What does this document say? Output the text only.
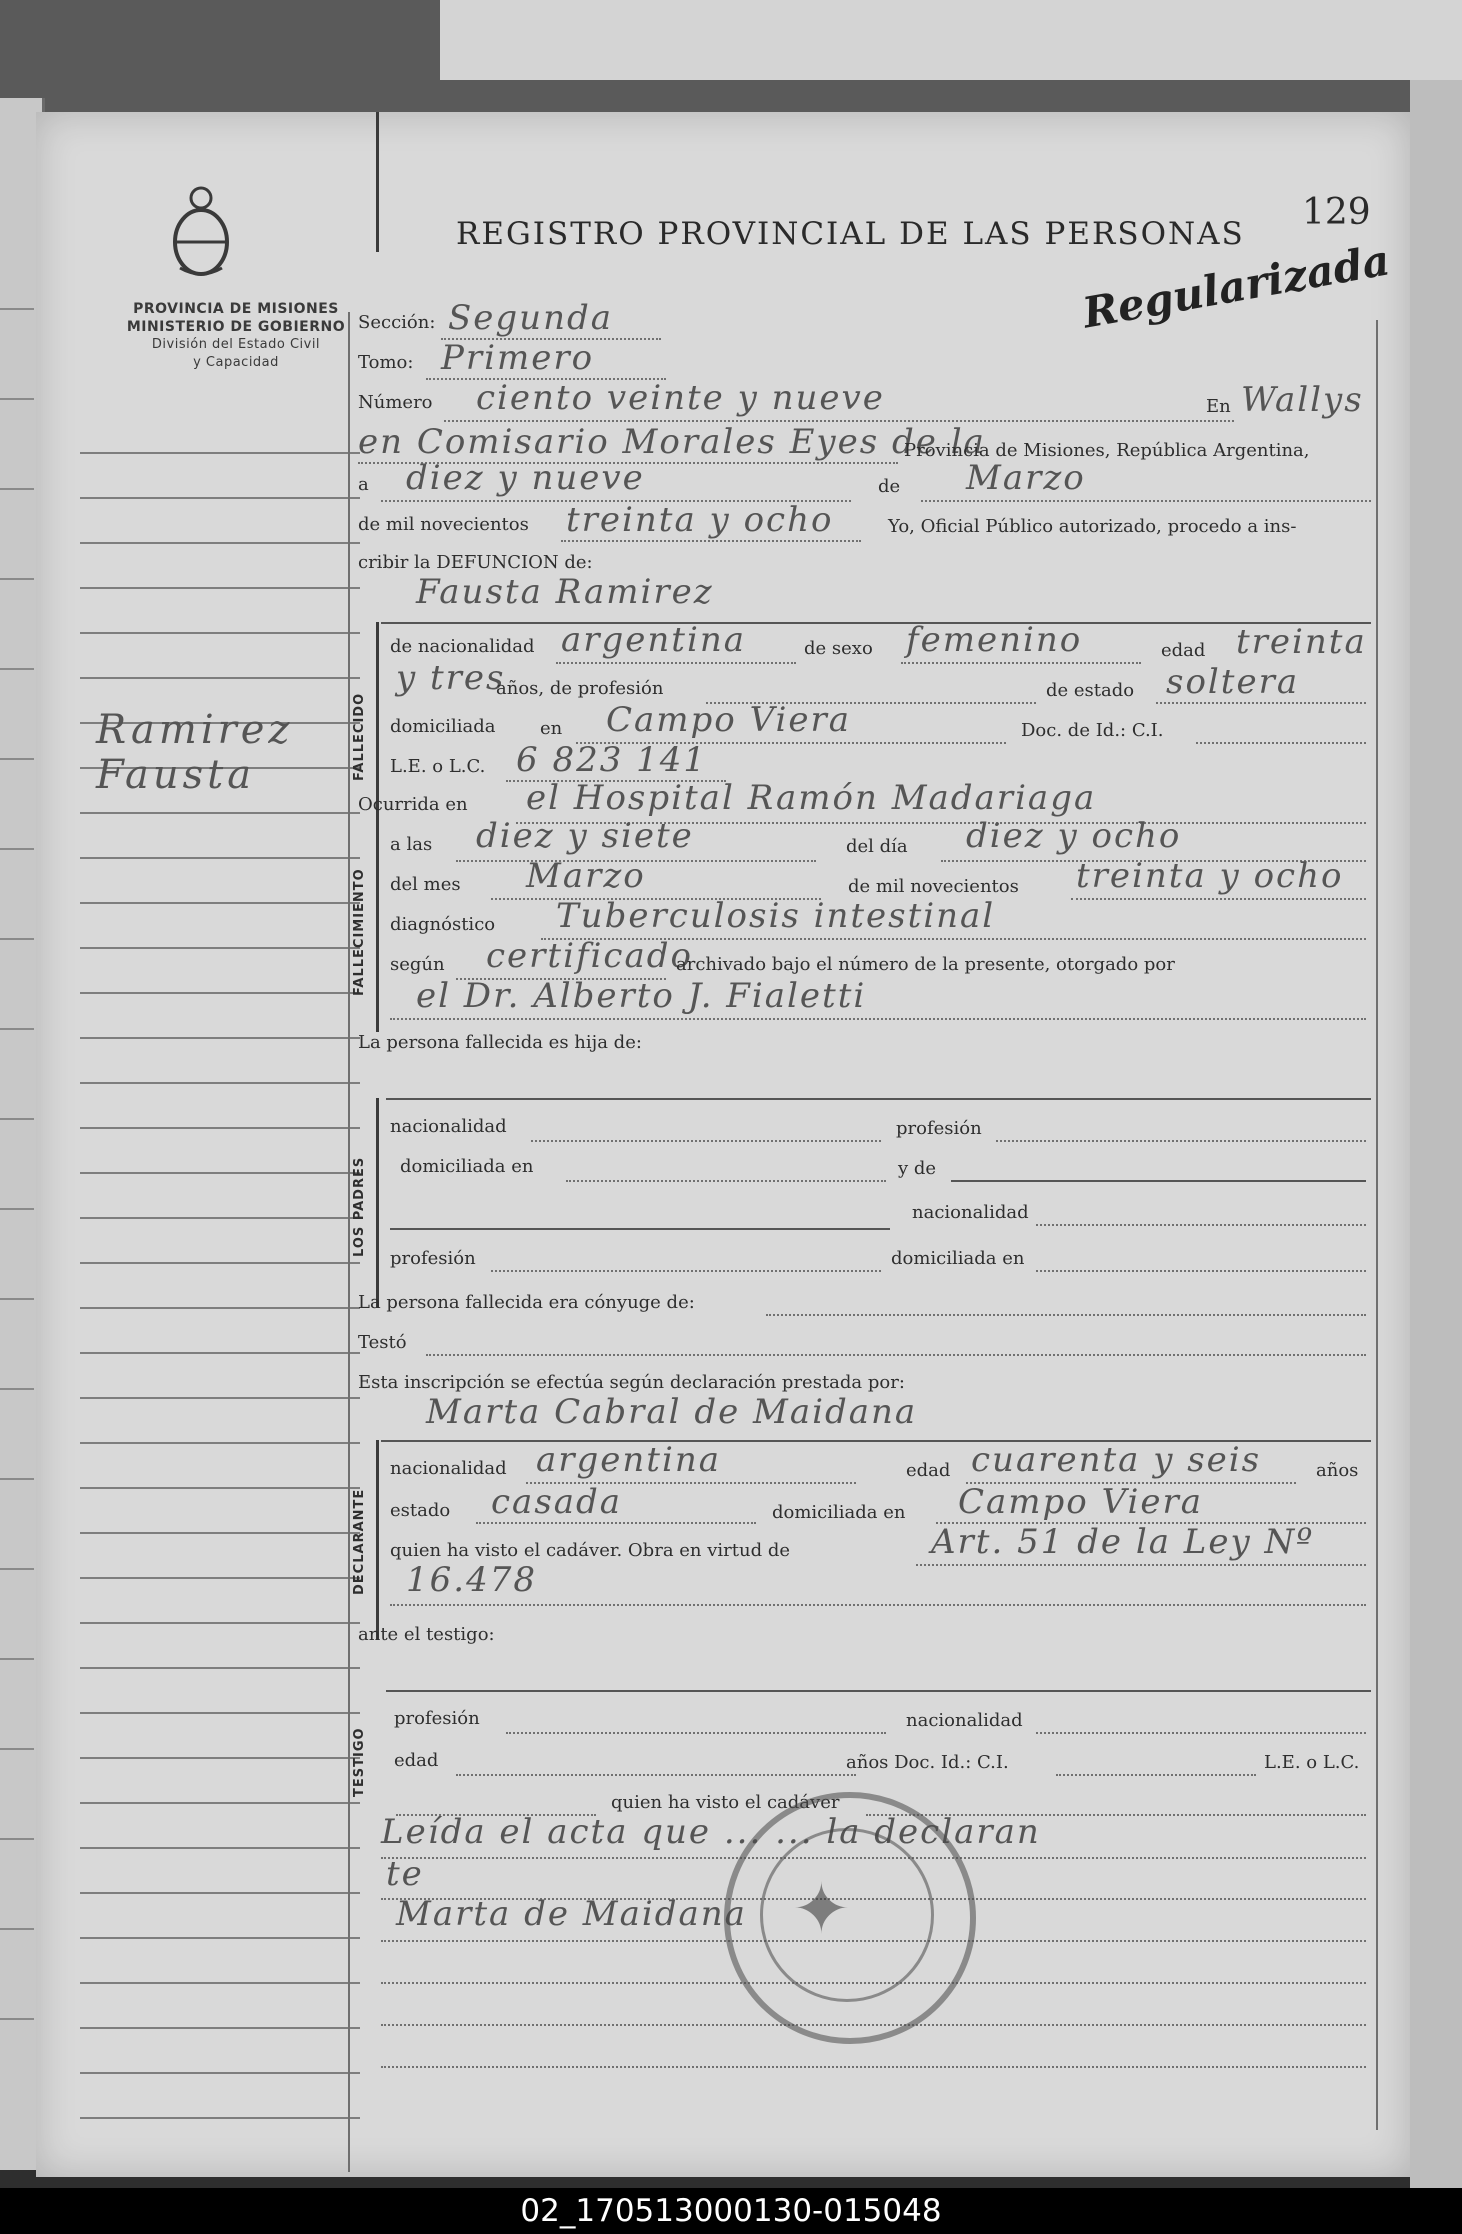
PROVINCIA DE MISIONES
MINISTERIO DE GOBIERNO
División del Estado Civil
y Capacidad
REGISTRO PROVINCIAL DE LAS PERSONAS
129
Regularizada
Ramirez
Fausta
Sección: Segunda
Tomo: Primero
Número ciento veinte y nueve	En Wallys
en Comisario Morales Eyes de la
Provincia de Misiones, República Argentina,
a diez y nueve	de Marzo
de mil novecientos treinta y ocho	Yo, Oficial Público autorizado, procedo a ins-
cribir la DEFUNCION de:
Fausta Ramirez
FALLECIDO
de nacionalidad argentina	de sexo femenino	edad treinta
y tres
años, de profesión	de estado soltera
domiciliada en Campo Viera	Doc. de Id.: C.I.
L.E. o L.C. 6 823 141
Ocurrida en el Hospital Ramón Madariaga
FALLECIMIENTO
a las diez y siete	del día diez y ocho
del mes Marzo	de mil novecientos treinta y ocho
diagnóstico Tuberculosis intestinal
según certificado
archivado bajo el número de la presente, otorgado por
el Dr. Alberto J. Fialetti
La persona fallecida es hija de:
LOS PADRES
nacionalidad	profesión
domiciliada en	y de
nacionalidad
profesión	domiciliada en
La persona fallecida era cónyuge de:
Testó
Esta inscripción se efectúa según declaración prestada por:
Marta Cabral de Maidana
DECLARANTE
nacionalidad argentina	edad cuarenta y seis	años
estado casada	domiciliada en Campo Viera
quien ha visto el cadáver. Obra en virtud de	Art. 51 de la Ley Nº
16.478
ante el testigo:
TESTIGO
profesión	nacionalidad
edad	años Doc. Id.: C.I.	L.E. o L.C.
quien ha visto el cadáver
Leída el acta que ... ... la declaran
te
Marta de Maidana ✦
02_170513000130-015048
